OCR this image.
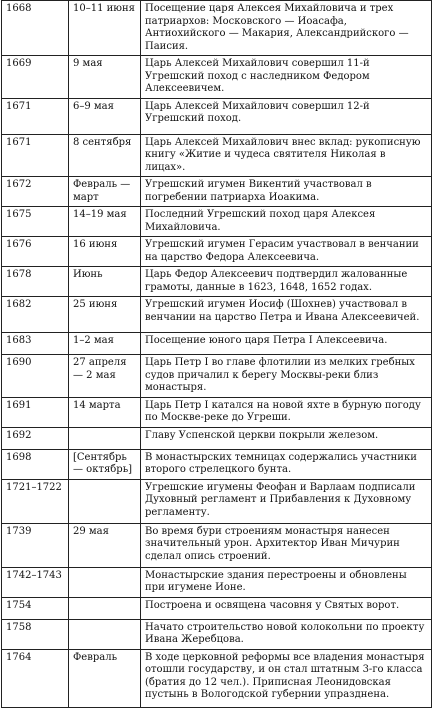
1668	10–11 июня	Посещение царя Алексея Михайловича и трех патриархов: Московского — Иоасафа, Антиохийского — Макария, Александрийского — Паисия.
1669	9 мая	Царь Алексей Михайлович совершил 11-й Угрешский поход с наследником Федором Алексеевичем.
1671	6–9 мая	Царь Алексей Михайлович совершил 12-й Угрешский поход.
1671	8 сентября	Царь Алексей Михайлович внес вклад: рукописную книгу «Житие и чудеса святителя Николая в лицах».
1672	Февраль — март	Угрешский игумен Викентий участвовал в погребении патриарха Иоакима.
1675	14–19 мая	Последний Угрешский поход царя Алексея Михайловича.
1676	16 июня	Угрешский игумен Герасим участвовал в венчании на царство Федора Алексеевича.
1678	Июнь	Царь Федор Алексеевич подтвердил жалованные грамоты, данные в 1623, 1648, 1652 годах.
1682	25 июня	Угрешский игумен Иосиф (Шохнев) участвовал в венчании на царство Петра и Ивана Алексеевичей.
1683	1–2 мая	Посещение юного царя Петра I Алексеевича.
1690	27 апреля — 2 мая	Царь Петр I во главе флотилии из мелких гребных судов причалил к берегу Москвы-реки близ монастыря.
1691	14 марта	Царь Петр I катался на новой яхте в бурную погоду по Москве-реке до Угреши.
1692		Главу Успенской церкви покрыли железом.
1698	[Сентябрь — октябрь]	В монастырских темницах содержались участники второго стрелецкого бунта.
1721–1722		Угрешские игумены Феофан и Варлаам подписали Духовный регламент и Прибавления к Духовному регламенту.
1739	29 мая	Во время бури строениям монастыря нанесен значительный урон. Архитектор Иван Мичурин сделал опись строений.
1742–1743		Монастырские здания перестроены и обновлены при игумене Ионе.
1754		Построена и освящена часовня у Святых ворот.
1758		Начато строительство новой колокольни по проекту Ивана Жеребцова.
1764	Февраль	В ходе церковной реформы все владения монастыря отошли государству, и он стал штатным 3-го класса (братия до 12 чел.). Приписная Леонидовская пустынь в Вологодской губернии упразднена.
